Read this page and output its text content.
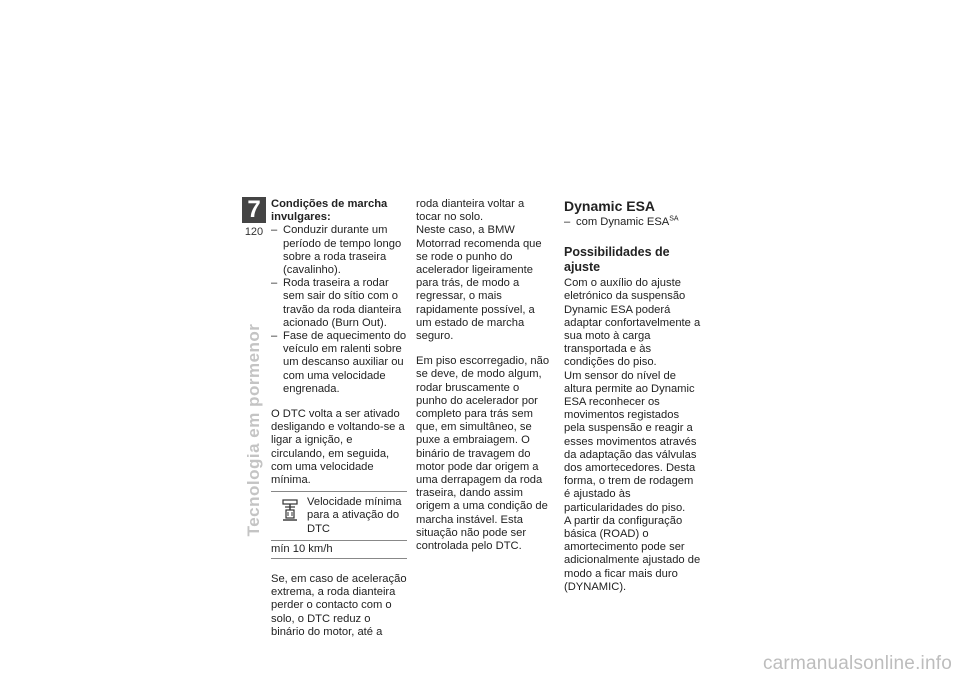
7
120
Tecnologia em pormenor
Condições de marcha invulgares:
– Conduzir durante um período de tempo longo sobre a roda traseira (cavalinho).
– Roda traseira a rodar sem sair do sítio com o travão da roda dianteira acionado (Burn Out).
– Fase de aquecimento do veículo em ralenti sobre um descanso auxiliar ou com uma velocidade engrenada.

O DTC volta a ser ativado desligando e voltando-se a ligar a ignição, e circulando, em seguida, com uma velocidade mínima.

Velocidade mínima para a ativação do DTC
mín 10 km/h

Se, em caso de aceleração extrema, a roda dianteira perder o contacto com o solo, o DTC reduz o binário do motor, até a

roda dianteira voltar a tocar no solo.

Neste caso, a BMW Motorrad recomenda que se rode o punho do acelerador ligeiramente para trás, de modo a regressar, o mais rapidamente possível, a um estado de marcha seguro.

Em piso escorregadio, não se deve, de modo algum, rodar bruscamente o punho do acelerador por completo para trás sem que, em simultâneo, se puxe a embraiagem. O binário de travagem do motor pode dar origem a uma derrapagem da roda traseira, dando assim origem a uma condição de marcha instável. Esta situação não pode ser controlada pelo DTC.

Dynamic ESA
– com Dynamic $ESA^{SA}$
Possibilidades de ajuste

Com o auxílio do ajuste eletrónico da suspensão Dynamic ESA poderá adaptar confortavelmente a sua moto à carga transportada e às condições do piso.

Um sensor do nível de altura permite ao Dynamic ESA reconhecer os movimentos registados pela suspensão e reagir a esses movimentos através da adaptação das válvulas dos amortecedores. Desta forma, o trem de rodagem é ajustado às particularidades do piso.

A partir da configuração básica (ROAD) o amortecimento pode ser adicionalmente ajustado de modo a ficar mais duro (DYNAMIC).

carmanualsonline.info
